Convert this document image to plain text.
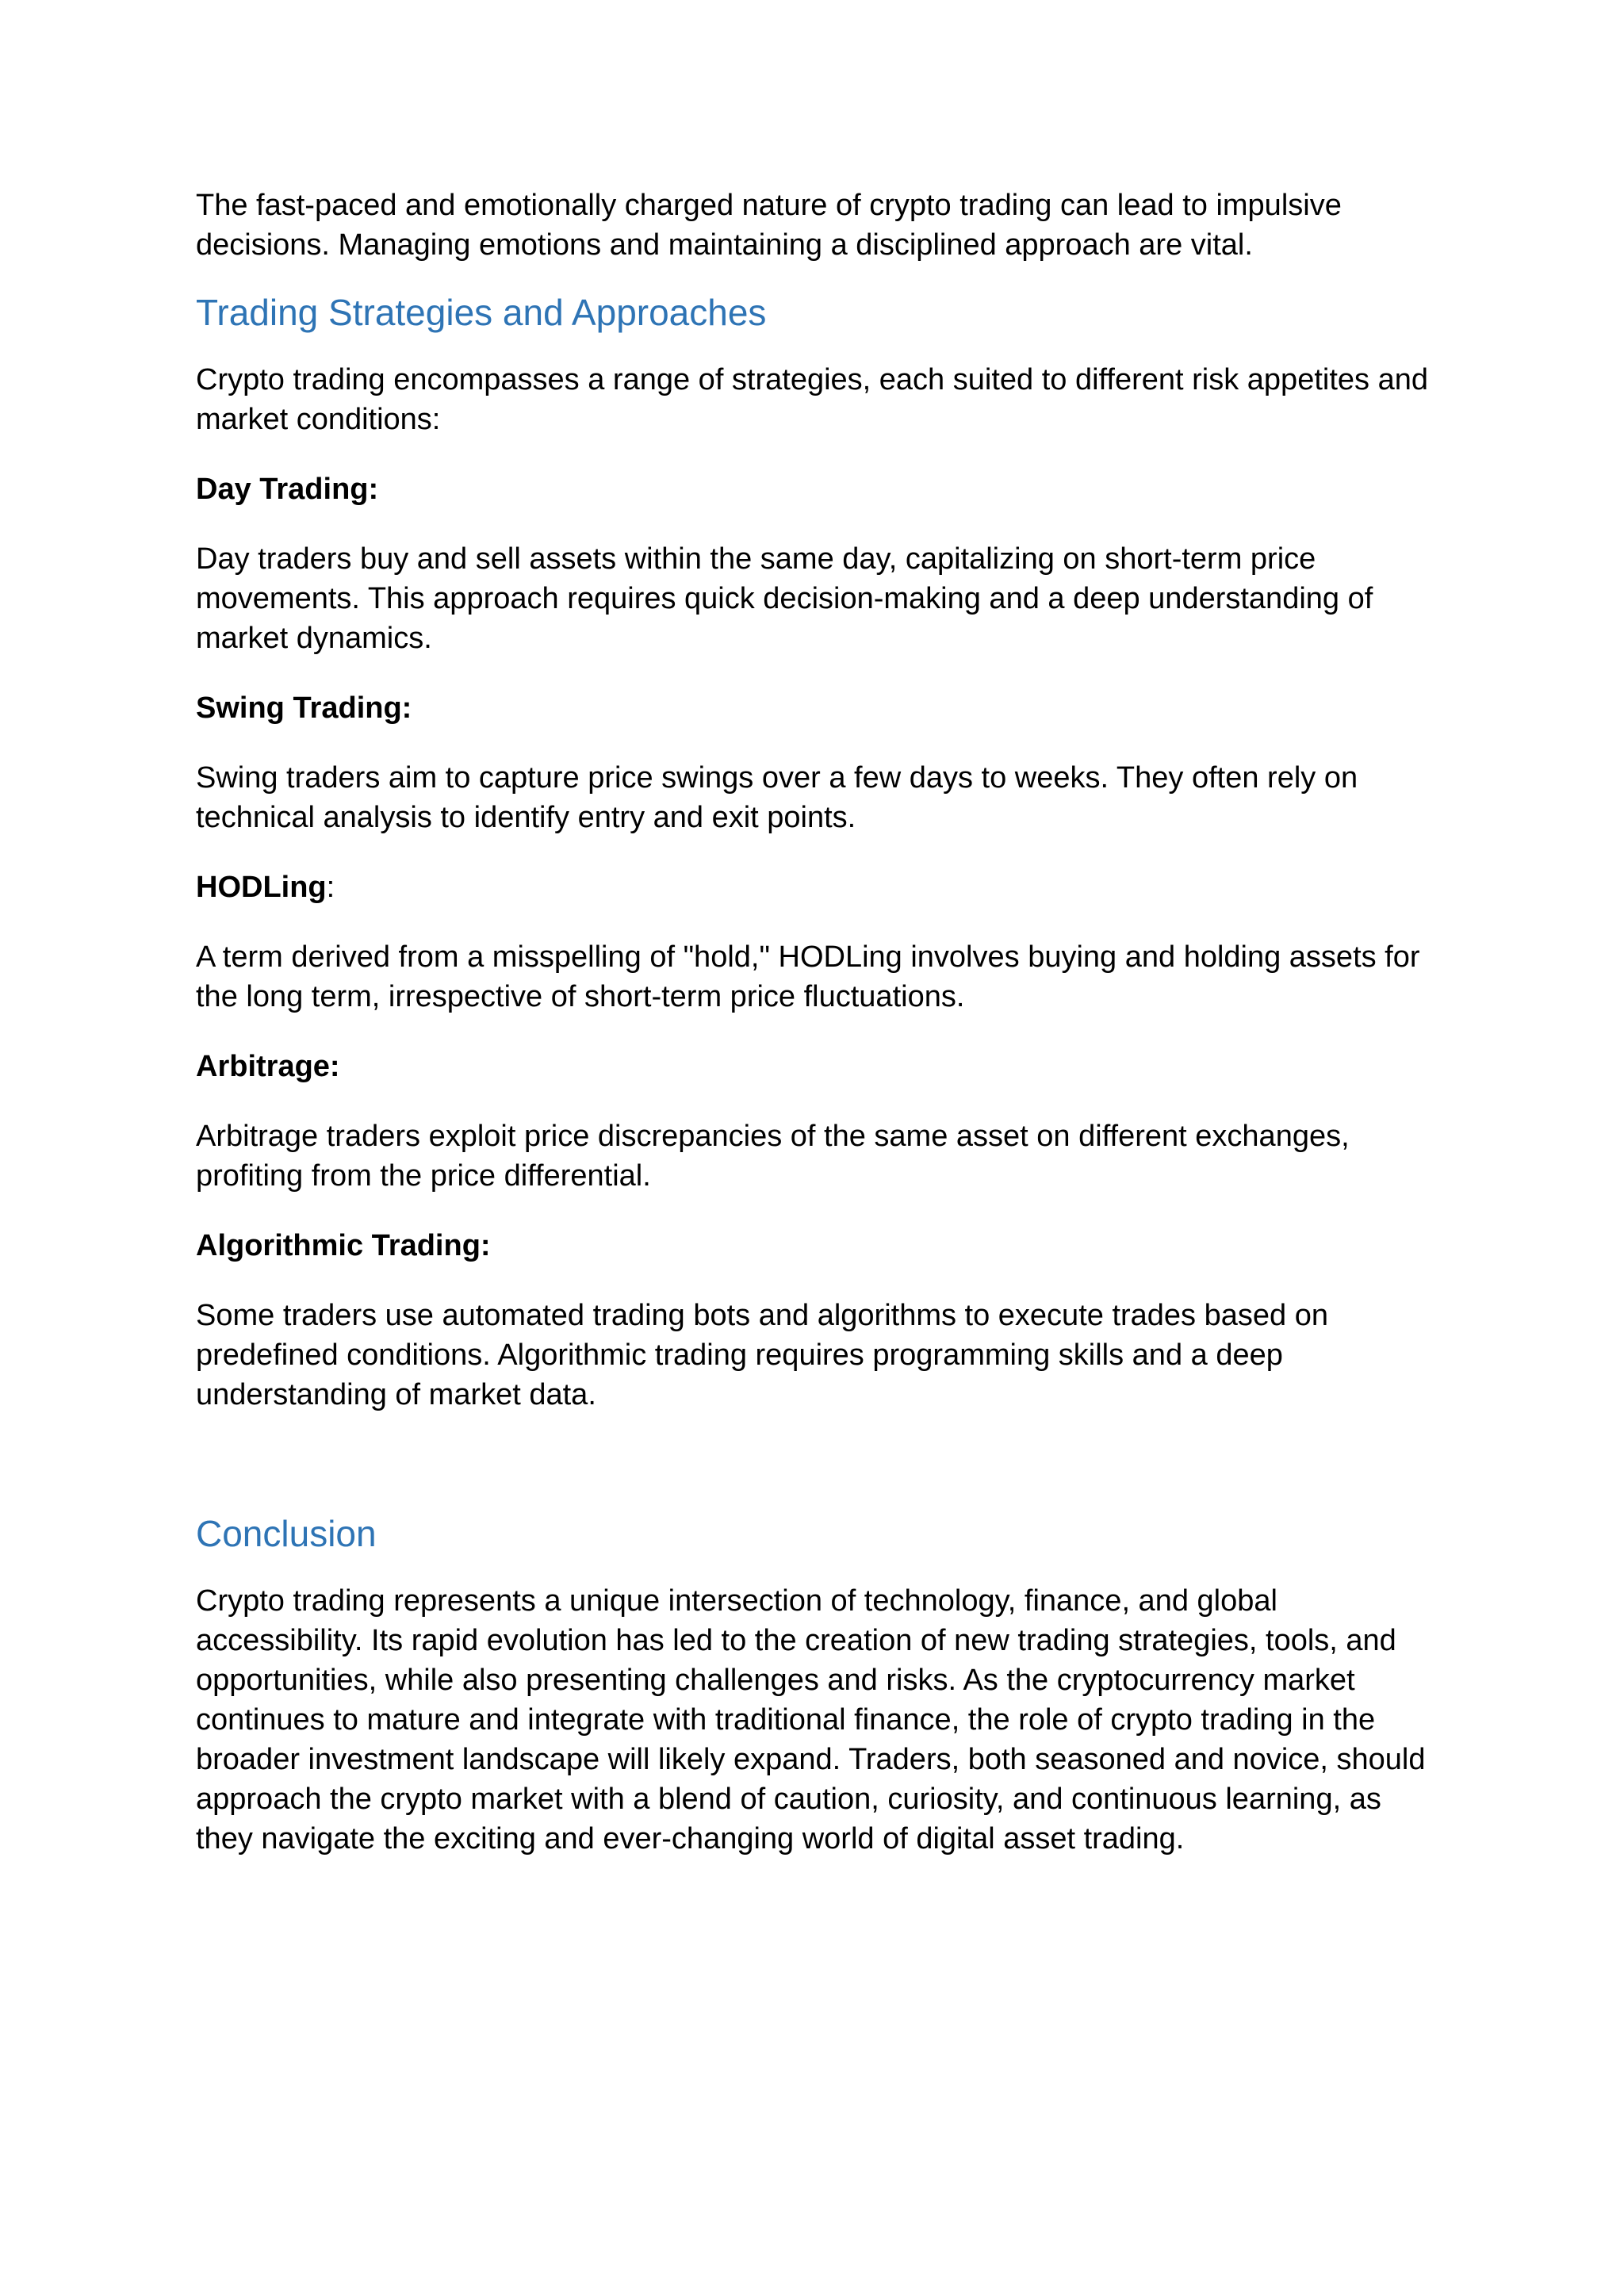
The fast-paced and emotionally charged nature of crypto trading can lead to impulsive decisions. Managing emotions and maintaining a disciplined approach are vital.

Trading Strategies and Approaches

Crypto trading encompasses a range of strategies, each suited to different risk appetites and market conditions:

Day Trading:

Day traders buy and sell assets within the same day, capitalizing on short-term price movements. This approach requires quick decision-making and a deep understanding of market dynamics.

Swing Trading:

Swing traders aim to capture price swings over a few days to weeks. They often rely on technical analysis to identify entry and exit points.

HODLing:

A term derived from a misspelling of "hold," HODLing involves buying and holding assets for the long term, irrespective of short-term price fluctuations.

Arbitrage:

Arbitrage traders exploit price discrepancies of the same asset on different exchanges, profiting from the price differential.

Algorithmic Trading:

Some traders use automated trading bots and algorithms to execute trades based on predefined conditions. Algorithmic trading requires programming skills and a deep understanding of market data.

Conclusion

Crypto trading represents a unique intersection of technology, finance, and global accessibility. Its rapid evolution has led to the creation of new trading strategies, tools, and opportunities, while also presenting challenges and risks. As the cryptocurrency market continues to mature and integrate with traditional finance, the role of crypto trading in the broader investment landscape will likely expand. Traders, both seasoned and novice, should approach the crypto market with a blend of caution, curiosity, and continuous learning, as they navigate the exciting and ever-changing world of digital asset trading.
